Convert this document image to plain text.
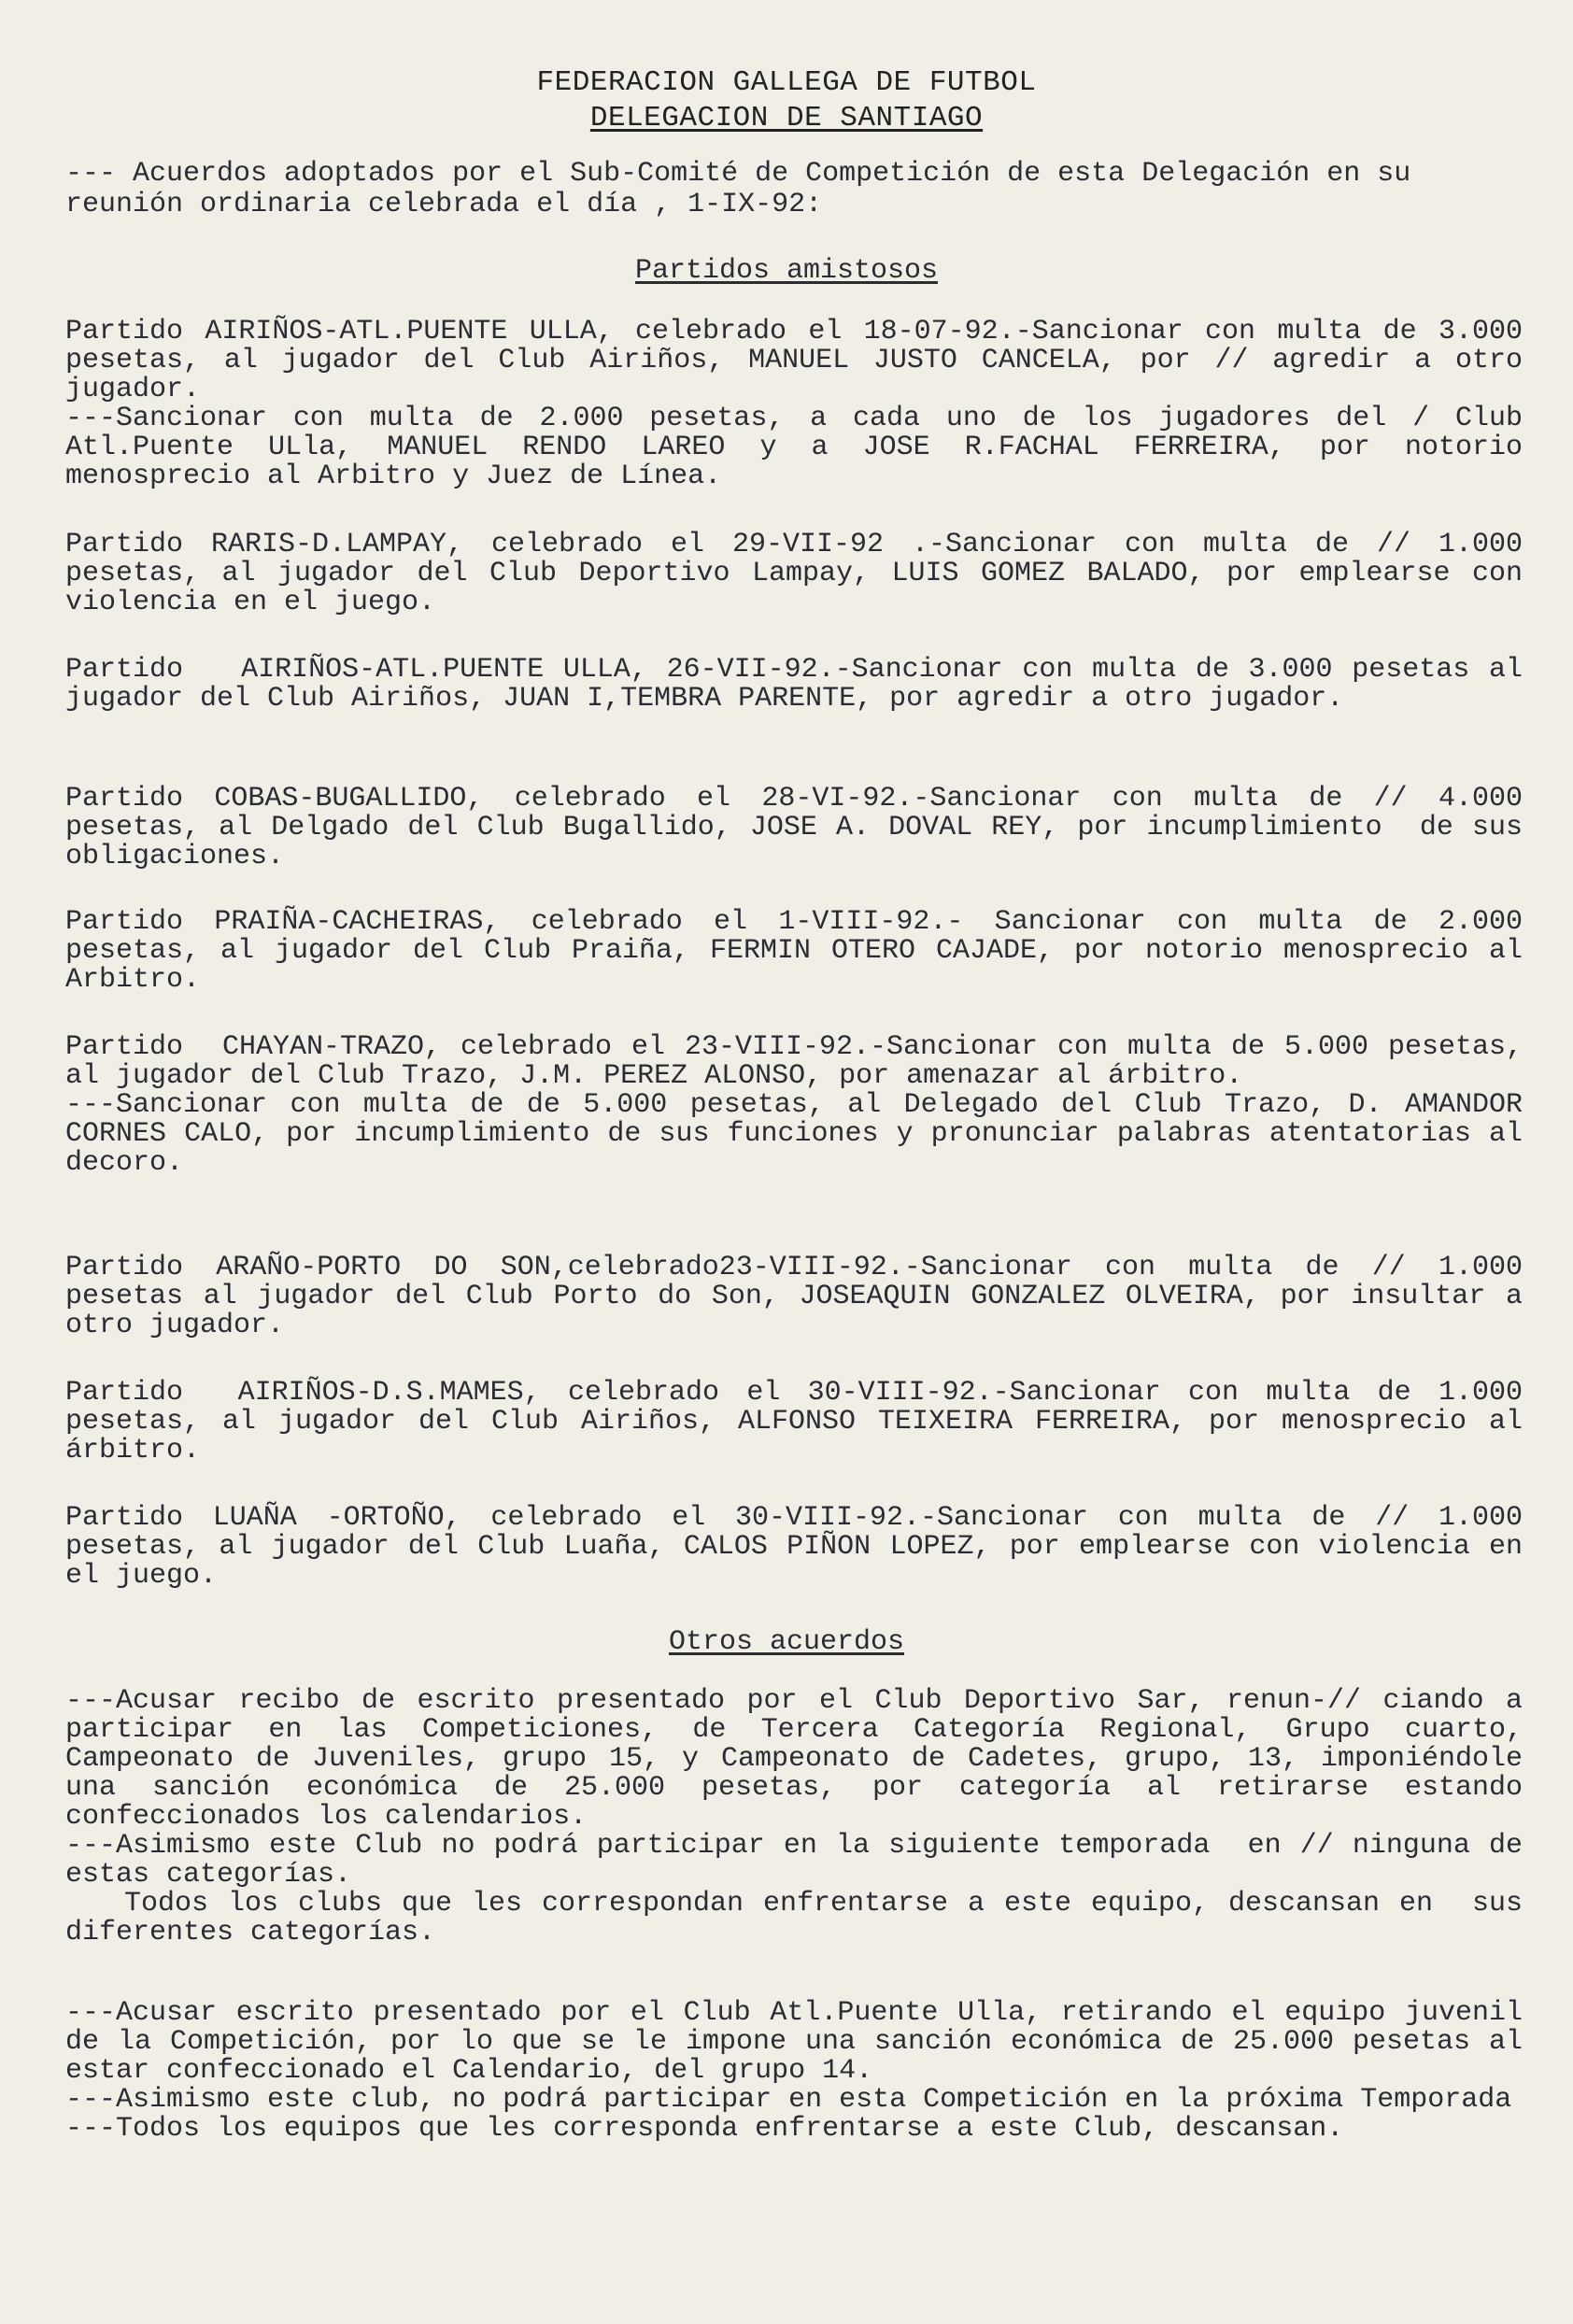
FEDERACION GALLEGA DE FUTBOL
DELEGACION DE SANTIAGO
--- Acuerdos adoptados por el Sub-Comité de Competición de esta Delegación en su reunión ordinaria celebrada el día , 1-IX-92:
Partidos amistosos
Partido AIRIÑOS-ATL.PUENTE ULLA, celebrado el 18-07-92.-Sancionar con multa de 3.000 pesetas, al jugador del Club Airiños, MANUEL JUSTO CANCELA, por // agredir a otro jugador.
---Sancionar con multa de 2.000 pesetas, a cada uno de los jugadores del / Club Atl.Puente ULla, MANUEL RENDO LAREO y a JOSE R.FACHAL FERREIRA, por notorio menosprecio al Arbitro y Juez de Línea.
Partido RARIS-D.LAMPAY, celebrado el 29-VII-92 .-Sancionar con multa de // 1.000 pesetas, al jugador del Club Deportivo Lampay, LUIS GOMEZ BALADO, por emplearse con violencia en el juego.
Partido   AIRIÑOS-ATL.PUENTE ULLA, 26-VII-92.-Sancionar con multa de 3.000 pesetas al jugador del Club Airiños, JUAN I,TEMBRA PARENTE, por agredir a otro jugador.
Partido COBAS-BUGALLIDO, celebrado el 28-VI-92.-Sancionar con multa de // 4.000 pesetas, al Delgado del Club Bugallido, JOSE A. DOVAL REY, por incumplimiento  de sus obligaciones.
Partido PRAIÑA-CACHEIRAS, celebrado el 1-VIII-92.- Sancionar con multa de 2.000 pesetas, al jugador del Club Praiña, FERMIN OTERO CAJADE, por notorio menosprecio al Arbitro.
Partido  CHAYAN-TRAZO, celebrado el 23-VIII-92.-Sancionar con multa de 5.000 pesetas, al jugador del Club Trazo, J.M. PEREZ ALONSO, por amenazar al árbitro.
---Sancionar con multa de de 5.000 pesetas, al Delegado del Club Trazo, D. AMANDOR CORNES CALO, por incumplimiento de sus funciones y pronunciar palabras atentatorias al decoro.
Partido ARAÑO-PORTO DO SON,celebrado23-VIII-92.-Sancionar con multa de // 1.000 pesetas al jugador del Club Porto do Son, JOSEAQUIN GONZALEZ OLVEIRA, por insultar a otro jugador.
Partido  AIRIÑOS-D.S.MAMES, celebrado el 30-VIII-92.-Sancionar con multa de 1.000 pesetas, al jugador del Club Airiños, ALFONSO TEIXEIRA FERREIRA, por menosprecio al árbitro.
Partido LUAÑA -ORTOÑO, celebrado el 30-VIII-92.-Sancionar con multa de // 1.000 pesetas, al jugador del Club Luaña, CALOS PIÑON LOPEZ, por emplearse con violencia en el juego.
Otros acuerdos
---Acusar recibo de escrito presentado por el Club Deportivo Sar, renun-// ciando a participar en las Competiciones, de Tercera Categoría Regional, Grupo cuarto, Campeonato de Juveniles, grupo 15, y Campeonato de Cadetes, grupo, 13, imponiéndole una sanción económica de 25.000 pesetas, por categoría al retirarse estando confeccionados los calendarios.
---Asimismo este Club no podrá participar en la siguiente temporada  en // ninguna de estas categorías.
Todos los clubs que les correspondan enfrentarse a este equipo, descansan en  sus diferentes categorías.
---Acusar escrito presentado por el Club Atl.Puente Ulla, retirando el equipo juvenil de la Competición, por lo que se le impone una sanción económica de 25.000 pesetas al estar confeccionado el Calendario, del grupo 14.
---Asimismo este club, no podrá participar en esta Competición en la próxima Temporada
---Todos los equipos que les corresponda enfrentarse a este Club, descansan.
